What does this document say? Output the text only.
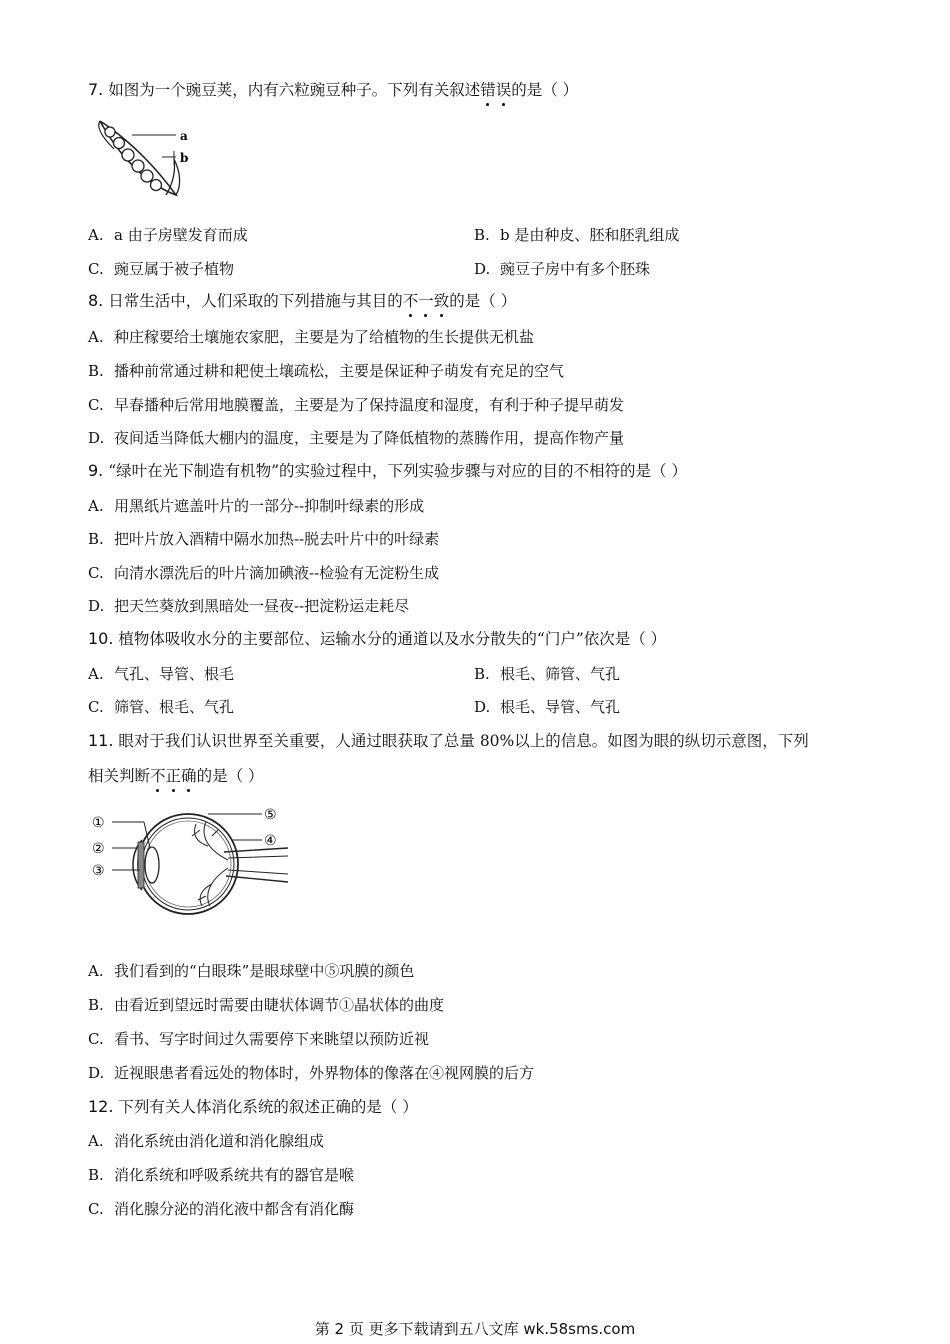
7. 如图为一个豌豆荚，内有六粒豌豆种子。下列有关叙述错误的是（ ）
a
b
A. a 由子房壁发育而成	B. b 是由种皮、胚和胚乳组成
C. 豌豆属于被子植物	D. 豌豆子房中有多个胚珠
8. 日常生活中，人们采取的下列措施与其目的不一致的是（ ）
A. 种庄稼要给土壤施农家肥，主要是为了给植物的生长提供无机盐
B. 播种前常通过耕和耙使土壤疏松，主要是保证种子萌发有充足的空气
C. 早春播种后常用地膜覆盖，主要是为了保持温度和湿度，有利于种子提早萌发
D. 夜间适当降低大棚内的温度，主要是为了降低植物的蒸腾作用，提高作物产量
9. “绿叶在光下制造有机物”的实验过程中，下列实验步骤与对应的目的不相符的是（ ）
A. 用黑纸片遮盖叶片的一部分--抑制叶绿素的形成
B. 把叶片放入酒精中隔水加热--脱去叶片中的叶绿素
C. 向清水漂洗后的叶片滴加碘液--检验有无淀粉生成
D. 把天竺葵放到黑暗处一昼夜--把淀粉运走耗尽
10. 植物体吸收水分的主要部位、运输水分的通道以及水分散失的“门户”依次是（ ）
A. 气孔、导管、根毛	B. 根毛、筛管、气孔
C. 筛管、根毛、气孔	D. 根毛、导管、气孔
11. 眼对于我们认识世界至关重要，人通过眼获取了总量 80%以上的信息。如图为眼的纵切示意图，下列
相关判断不正确的是（ ）
①
②
③
④
⑤
A. 我们看到的“白眼珠”是眼球壁中⑤巩膜的颜色
B. 由看近到望远时需要由睫状体调节①晶状体的曲度
C. 看书、写字时间过久需要停下来眺望以预防近视
D. 近视眼患者看远处的物体时，外界物体的像落在④视网膜的后方
12. 下列有关人体消化系统的叙述正确的是（ ）
A. 消化系统由消化道和消化腺组成
B. 消化系统和呼吸系统共有的器官是喉
C. 消化腺分泌的消化液中都含有消化酶
第 2 页 更多下载请到五八文库 wk.58sms.com
